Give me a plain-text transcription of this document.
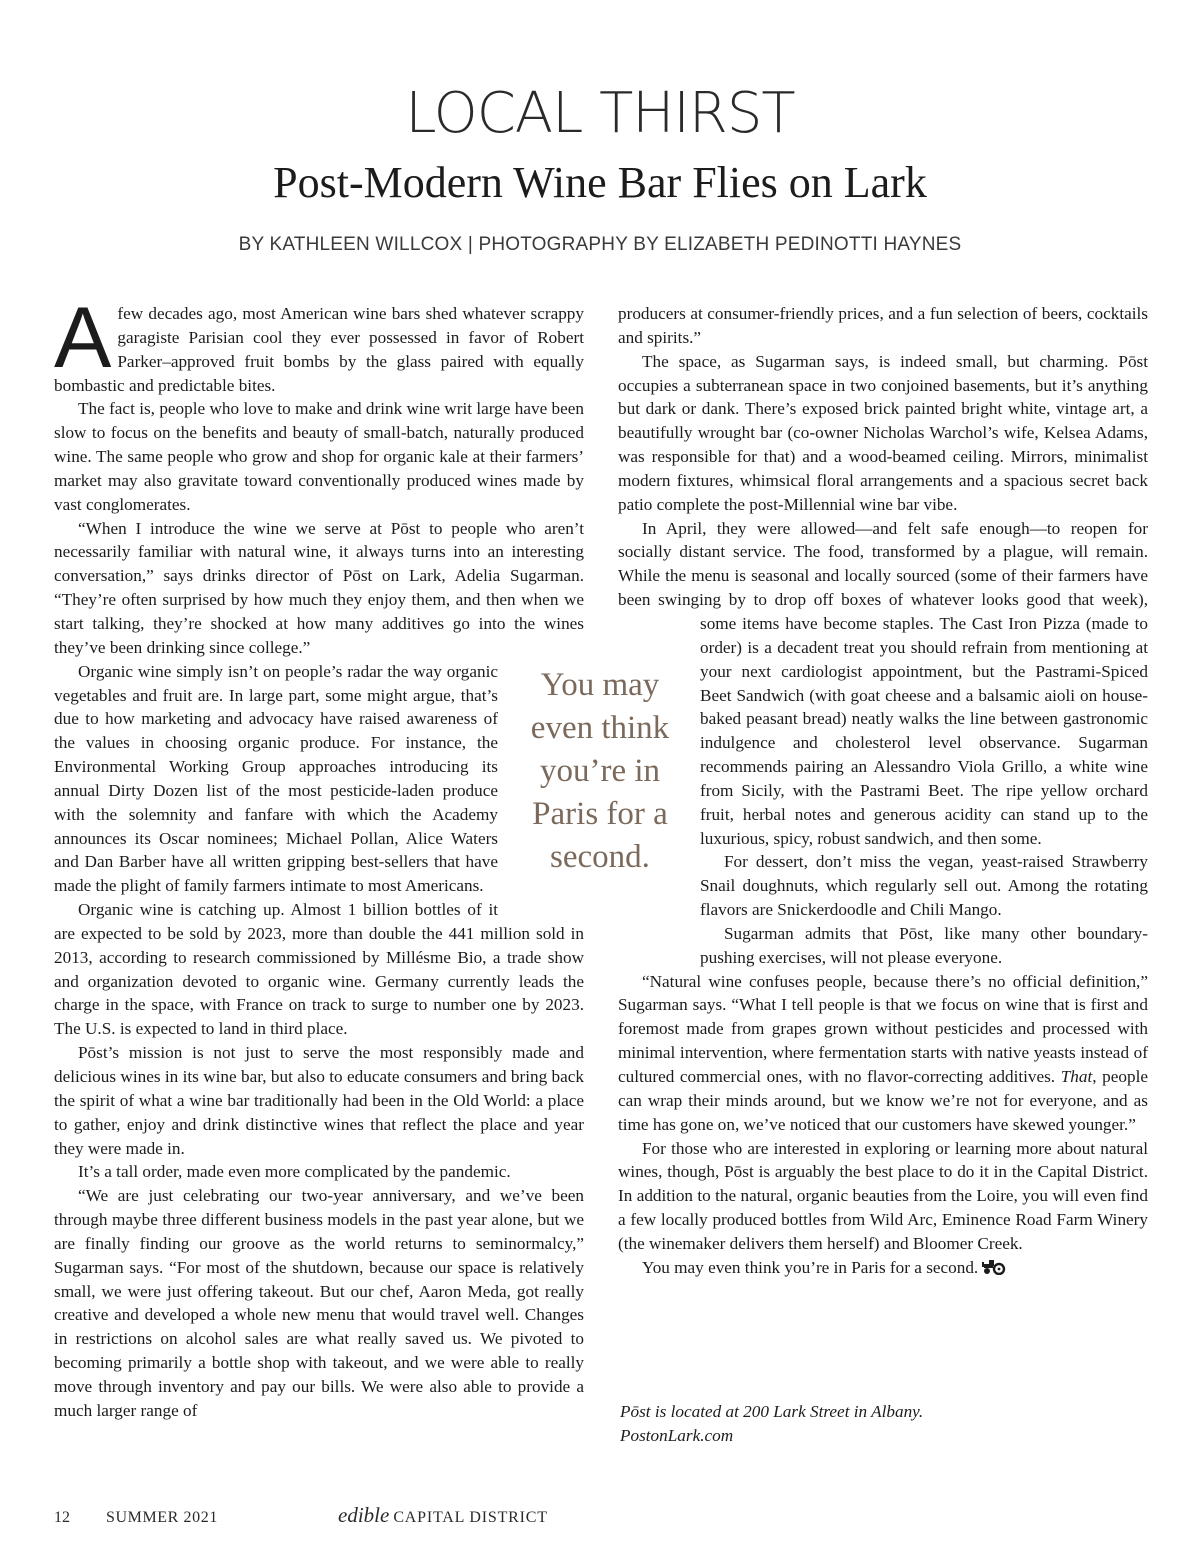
LOCAL THIRST
Post-Modern Wine Bar Flies on Lark
BY KATHLEEN WILLCOX | PHOTOGRAPHY BY ELIZABETH PEDINOTTI HAYNES

Afew decades ago, most American wine bars shed whatever scrappy garagiste Parisian cool they ever possessed in favor of Robert Parker–approved fruit bombs by the glass paired with equally bombastic and predictable bites.

The fact is, people who love to make and drink wine writ large have been slow to focus on the benefits and beauty of small-batch, naturally produced wine. The same people who grow and shop for organic kale at their farmers’ market may also gravitate toward conventionally produced wines made by vast conglomerates.

“When I introduce the wine we serve at Pōst to people who aren’t necessarily familiar with natural wine, it always turns into an interesting conversation,” says drinks director of Pōst on Lark, Adelia Sugarman. “They’re often surprised by how much they enjoy them, and then when we start talking, they’re shocked at how many additives go into the wines they’ve been drinking since college.”

Organic wine simply isn’t on people’s radar the way organic vegetables and fruit are. In large part, some might argue, that’s due to how marketing and advocacy have raised awareness of the values in choosing organic produce. For instance, the Environmental Working Group approaches introducing its annual Dirty Dozen list of the most pesticide-laden produce with the solemnity and fanfare with which the Academy announces its Oscar nominees; Michael Pollan, Alice Waters and Dan Barber have all written gripping best-sellers that have made the plight of family farmers intimate to most Americans.

Organic wine is catching up. Almost 1 billion bottles of it are expected to be sold by 2023, more than double the 441 million sold in 2013, according to research commissioned by Millésme Bio, a trade show and organization devoted to organic wine. Germany currently leads the charge in the space, with France on track to surge to number one by 2023. The U.S. is expected to land in third place.

Pōst’s mission is not just to serve the most responsibly made and delicious wines in its wine bar, but also to educate consumers and bring back the spirit of what a wine bar traditionally had been in the Old World: a place to gather, enjoy and drink distinctive wines that reflect the place and year they were made in.

It’s a tall order, made even more complicated by the pandemic.

“We are just celebrating our two-year anniversary, and we’ve been through maybe three different business models in the past year alone, but we are finally finding our groove as the world returns to seminormalcy,” Sugarman says. “For most of the shutdown, because our space is relatively small, we were just offering takeout. But our chef, Aaron Meda, got really creative and developed a whole new menu that would travel well. Changes in restrictions on alcohol sales are what really saved us. We pivoted to becoming primarily a bottle shop with takeout, and we were able to really move through inventory and pay our bills. We were also able to provide a much larger range of

producers at consumer-friendly prices, and a fun selection of beers, cocktails and spirits.”

The space, as Sugarman says, is indeed small, but charming. Pōst occupies a subterranean space in two conjoined basements, but it’s anything but dark or dank. There’s exposed brick painted bright white, vintage art, a beautifully wrought bar (co-owner Nicholas Warchol’s wife, Kelsea Adams, was responsible for that) and a wood-beamed ceiling. Mirrors, minimalist modern fixtures, whimsical floral arrangements and a spacious secret back patio complete the post-Millennial wine bar vibe.

In April, they were allowed—and felt safe enough—to reopen for socially distant service. The food, transformed by a plague, will remain. While the menu is seasonal and locally sourced (some of their farmers have been swinging by to drop off boxes of whatever looks good that week), some items have become staples. The Cast Iron Pizza (made to order) is a decadent treat you should refrain from mentioning at your next cardiologist appointment, but the Pastrami-Spiced Beet Sandwich (with goat cheese and a balsamic aioli on house-baked peasant bread) neatly walks the line between gastronomic indulgence and cholesterol level observance. Sugarman recommends pairing an Alessandro Viola Grillo, a white wine from Sicily, with the Pastrami Beet. The ripe yellow orchard fruit, herbal notes and generous acidity can stand up to the luxurious, spicy, robust sandwich, and then some.

For dessert, don’t miss the vegan, yeast-raised Strawberry Snail doughnuts, which regularly sell out. Among the rotating flavors are Snickerdoodle and Chili Mango.

Sugarman admits that Pōst, like many other boundary-pushing exercises, will not please everyone.

“Natural wine confuses people, because there’s no official definition,” Sugarman says. “What I tell people is that we focus on wine that is first and foremost made from grapes grown without pesticides and processed with minimal intervention, where fermentation starts with native yeasts instead of cultured commercial ones, with no flavor-correcting additives. That, people can wrap their minds around, but we know we’re not for everyone, and as time has gone on, we’ve noticed that our customers have skewed younger.”

For those who are interested in exploring or learning more about natural wines, though, Pōst is arguably the best place to do it in the Capital District. In addition to the natural, organic beauties from the Loire, you will even find a few locally produced bottles from Wild Arc, Eminence Road Farm Winery (the winemaker delivers them herself) and Bloomer Creek.

You may even think you’re in Paris for a second.

You may even think you’re in Paris for a second.
Pōst is located at 200 Lark Street in Albany.
PostonLark.com
12 SUMMER 2021	edible CAPITAL DISTRICT
